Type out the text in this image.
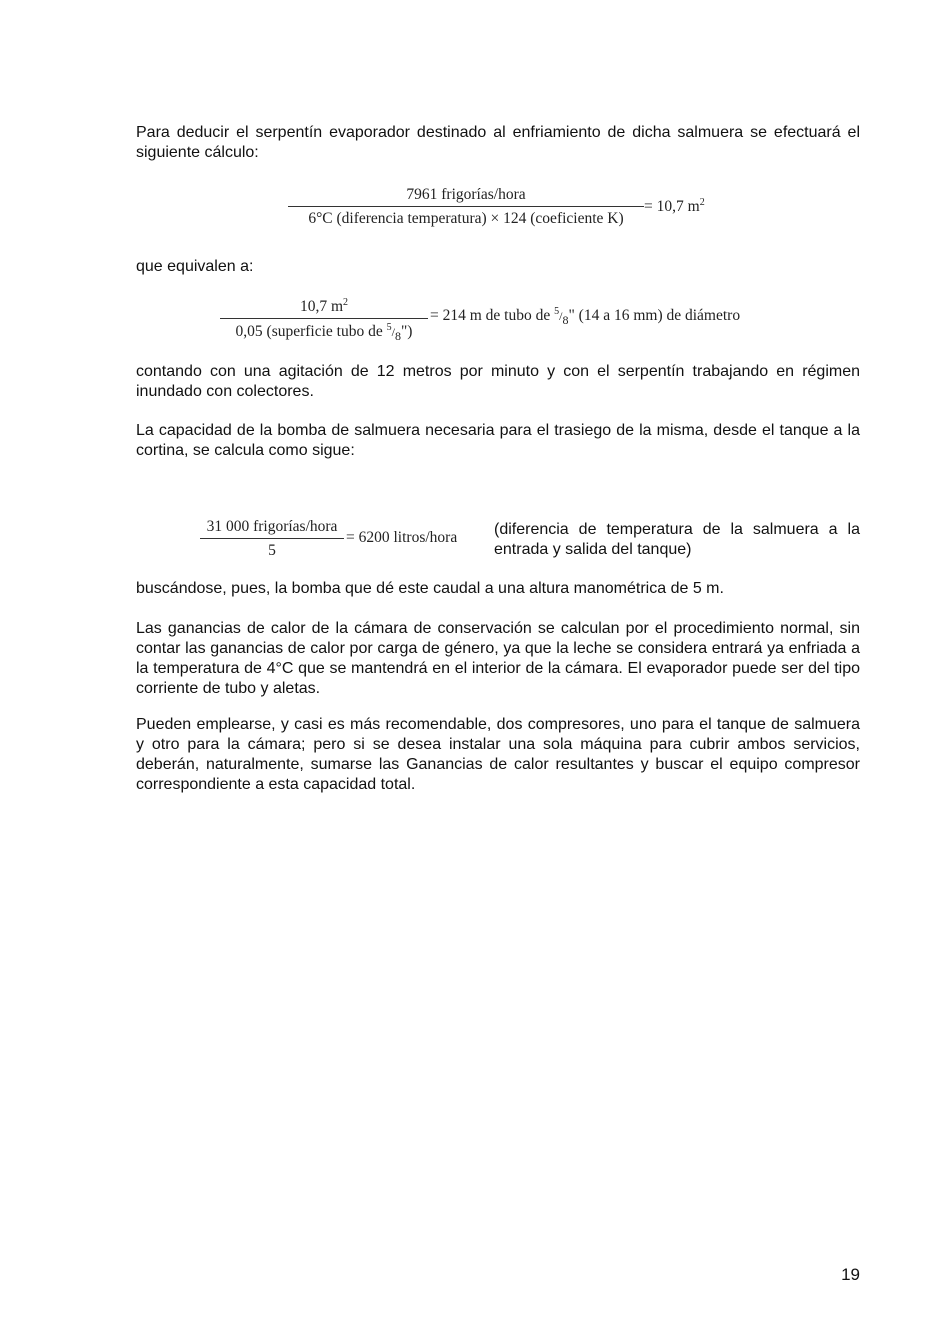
Para deducir el serpentín evaporador destinado al enfriamiento de dicha salmuera se efectuará el siguiente cálculo:

7961 frigorías/hora
6°C (diferencia temperatura) × 124 (coeficiente K)
= 10,7 $m^2$

que equivalen a:

10,7 $m^2$
0,05 (superficie tubo de $^5/_8$")
= 214 m de tubo de $^5/_8$" (14 a 16 mm) de diámetro

contando con una agitación de 12 metros por minuto y con el serpentín trabajando en régimen inundado con colectores.

La capacidad de la bomba de salmuera necesaria para el trasiego de la misma, desde el tanque a la cortina, se calcula como sigue:

31 000 frigorías/hora
5
= 6200 litros/hora (diferencia de temperatura de la salmuera a la entrada y salida del tanque)

buscándose, pues, la bomba que dé este caudal a una altura manométrica de 5 m.

Las ganancias de calor de la cámara de conservación se calculan por el procedimiento normal, sin contar las ganancias de calor por carga de género, ya que la leche se considera entrará ya enfriada a la temperatura de 4°C que se mantendrá en el interior de la cámara. El evaporador puede ser del tipo corriente de tubo y aletas.

Pueden emplearse, y casi es más recomendable, dos compresores, uno para el tanque de salmuera y otro para la cámara; pero si se desea instalar una sola máquina para cubrir ambos servicios, deberán, naturalmente, sumarse las Ganancias de calor resultantes y buscar el equipo compresor correspondiente a esta capacidad total.

19
